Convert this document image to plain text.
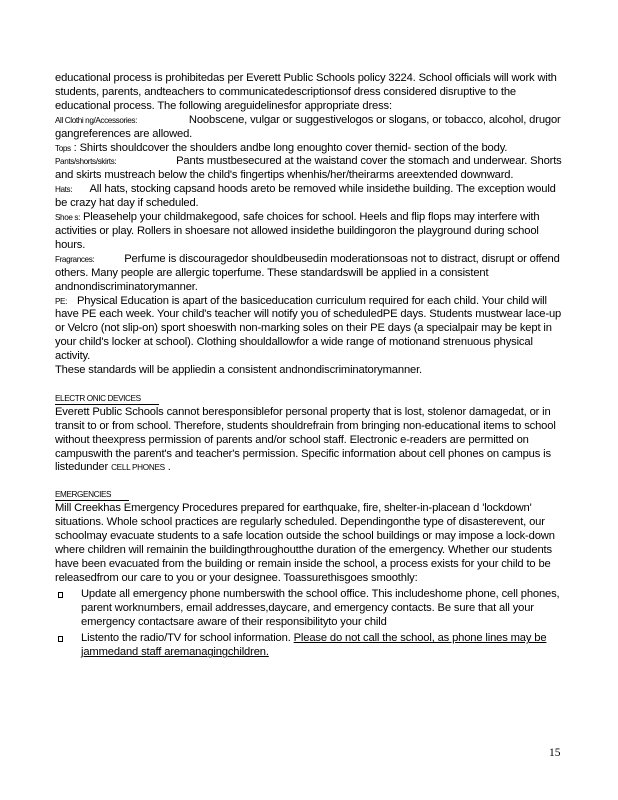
educational process is prohibitedas per Everett Public Schools policy 3224. School officials will work with students, parents, andteachers to communicatedescriptionsof dress considered disruptive to the educational process. The following areguidelinesfor appropriate dress:

All Clothi ng/Accessories:	Noobscene, vulgar or suggestivelogos or slogans, or tobacco, alcohol, drugor gangreferences are allowed.

Tops : Shirts shouldcover the shoulders andbe long enoughto cover themid- section of the body.

Pants/shorts/skirts:	Pants mustbesecured at the waistand cover the stomach and underwear. Shorts and skirts mustreach below the child's fingertips whenhis/her/theirarms areextended downward.

Hats: All hats, stocking capsand hoods areto be removed while insidethe building. The exception would be crazy hat day if scheduled.

Shoe s: Pleasehelp your childmakegood, safe choices for school. Heels and flip flops may interfere with activities or play. Rollers in shoesare not allowed insidethe buildingoron the playground during school hours.

Fragrances:	Perfume is discouragedor shouldbeusedin moderationsoas not to distract, disrupt or offend others. Many people are allergic toperfume. These standardswill be applied in a consistent andnondiscriminatorymanner.

PE: Physical Education is apart of the basiceducation curriculum required for each child. Your child will have PE each week. Your child's teacher will notify you of scheduledPE days. Students mustwear lace-up or Velcro (not slip-on) sport shoeswith non-marking soles on their PE days (a specialpair may be kept in your child's locker at school). Clothing shouldallowfor a wide range of motionand strenuous physical activity.

These standards will be appliedin a consistent andnondiscriminatorymanner.

ELECTR ONIC DEVICES

Everett Public Schools cannot beresponsiblefor personal property that is lost, stolenor damagedat, or in transit to or from school. Therefore, students shouldrefrain from bringing non-educational items to school without theexpress permission of parents and/or school staff. Electronic e-readers are permitted on campuswith the parent's and teacher's permission. Specific information about cell phones on campus is listedunder CELL PHONES .

EMERGENCIES

Mill Creekhas Emergency Procedures prepared for earthquake, fire, shelter-in-placean d 'lockdown' situations. Whole school practices are regularly scheduled. Dependingonthe type of disasterevent, our schoolmay evacuate students to a safe location outside the school buildings or may impose a lock-down where children will remainin the buildingthroughoutthe duration of the emergency. Whether our students have been evacuated from the building or remain inside the school, a process exists for your child to be releasedfrom our care to you or your designee. Toassurethisgoes smoothly:

Update all emergency phone numberswith the school office. This includeshome phone, cell phones, parent worknumbers, email addresses,daycare, and emergency contacts. Be sure that all your emergency contactsare aware of their responsibilityto your child
Listento the radio/TV for school information. Please do not call the school, as phone lines may be jammedand staff aremanagingchildren.
15
